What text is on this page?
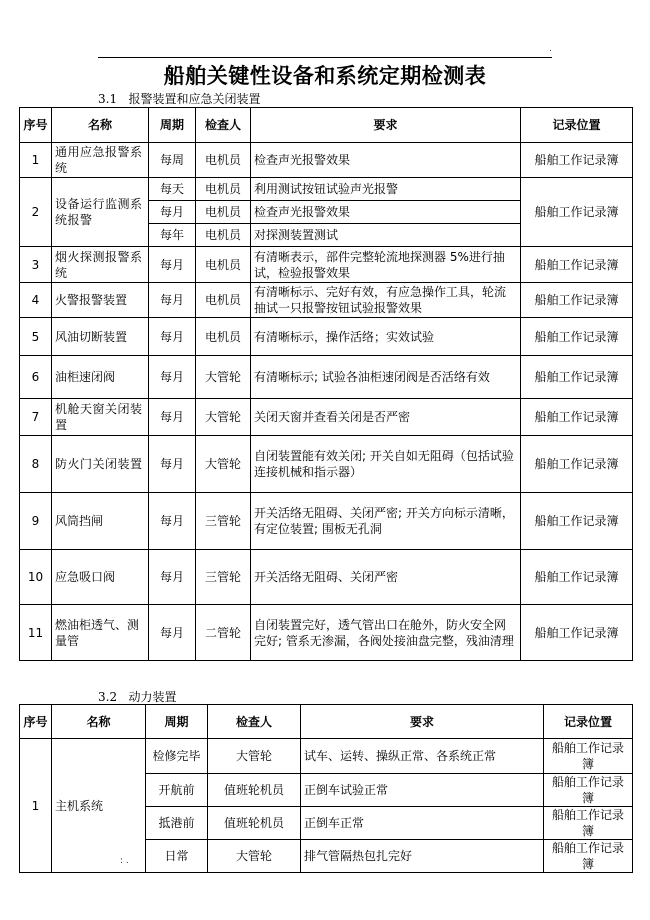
.
船舶关键性设备和系统定期检测表
3.1   报警装置和应急关闭装置
序号	名称	周期	检查人	要求	记录位置
1	通用应急报警系统	每周	电机员	检查声光报警效果	船舶工作记录簿
2	设备运行监测系统报警	每天	电机员	利用测试按钮试验声光报警	船舶工作记录簿
		每月	电机员	检查声光报警效果	
		每年	电机员	对探测装置测试	
3	烟火探测报警系统	每月	电机员	有清晰表示，部件完整轮流地探测器 5%进行抽试，检验报警效果	船舶工作记录簿
4	火警报警装置	每月	电机员	有清晰标示、完好有效，有应急操作工具，轮流抽试一只报警按钮试验报警效果	船舶工作记录簿
5	风油切断装置	每月	电机员	有清晰标示，操作活络；实效试验	船舶工作记录簿
6	油柜速闭阀	每月	大管轮	有清晰标示; 试验各油柜速闭阀是否活络有效	船舶工作记录簿
7	机舱天窗关闭装置	每月	大管轮	关闭天窗并查看关闭是否严密	船舶工作记录簿
8	防火门关闭装置	每月	大管轮	自闭装置能有效关闭; 开关自如无阻碍（包括试验连接机械和指示器）	船舶工作记录簿
9	风筒挡闸	每月	三管轮	开关活络无阻碍、关闭严密; 开关方向标示清晰，有定位装置; 围板无孔洞	船舶工作记录簿
10	应急吸口阀	每月	三管轮	开关活络无阻碍、关闭严密	船舶工作记录簿
11	燃油柜透气、测量管	每月	二管轮	自闭装置完好，透气管出口在舱外，防火安全网完好; 管系无渗漏，各阀处接油盘完整，残油清理	船舶工作记录簿
3.2   动力装置
序号	名称	周期	检查人	要求	记录位置
1	主机系统	检修完毕	大管轮	试车、运转、操纵正常、各系统正常	船舶工作记录簿
		开航前	值班轮机员	正倒车试验正常	船舶工作记录簿
		抵港前	值班轮机员	正倒车正常	船舶工作记录簿
		日常	大管轮	排气管隔热包扎完好	船舶工作记录簿
: .
